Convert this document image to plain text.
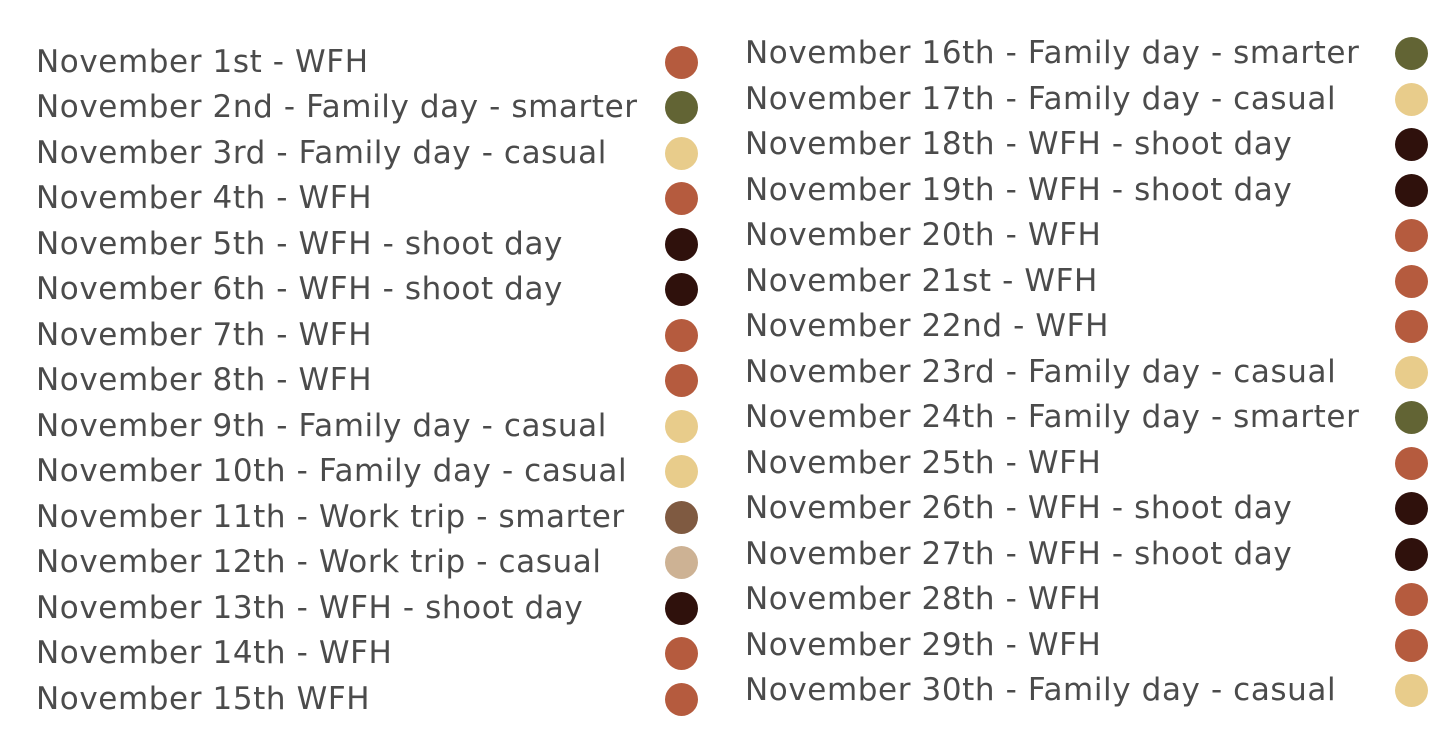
November 1st - WFH
November 2nd - Family day - smarter
November 3rd - Family day - casual
November 4th - WFH
November 5th - WFH - shoot day
November 6th - WFH - shoot day
November 7th - WFH
November 8th - WFH
November 9th - Family day - casual
November 10th - Family day - casual
November 11th - Work trip - smarter
November 12th - Work trip - casual
November 13th - WFH - shoot day
November 14th - WFH
November 15th WFH
November 16th - Family day - smarter
November 17th - Family day - casual
November 18th - WFH - shoot day
November 19th - WFH - shoot day
November 20th - WFH
November 21st - WFH
November 22nd - WFH
November 23rd - Family day - casual
November 24th - Family day - smarter
November 25th - WFH
November 26th - WFH - shoot day
November 27th - WFH - shoot day
November 28th - WFH
November 29th - WFH
November 30th - Family day - casual
